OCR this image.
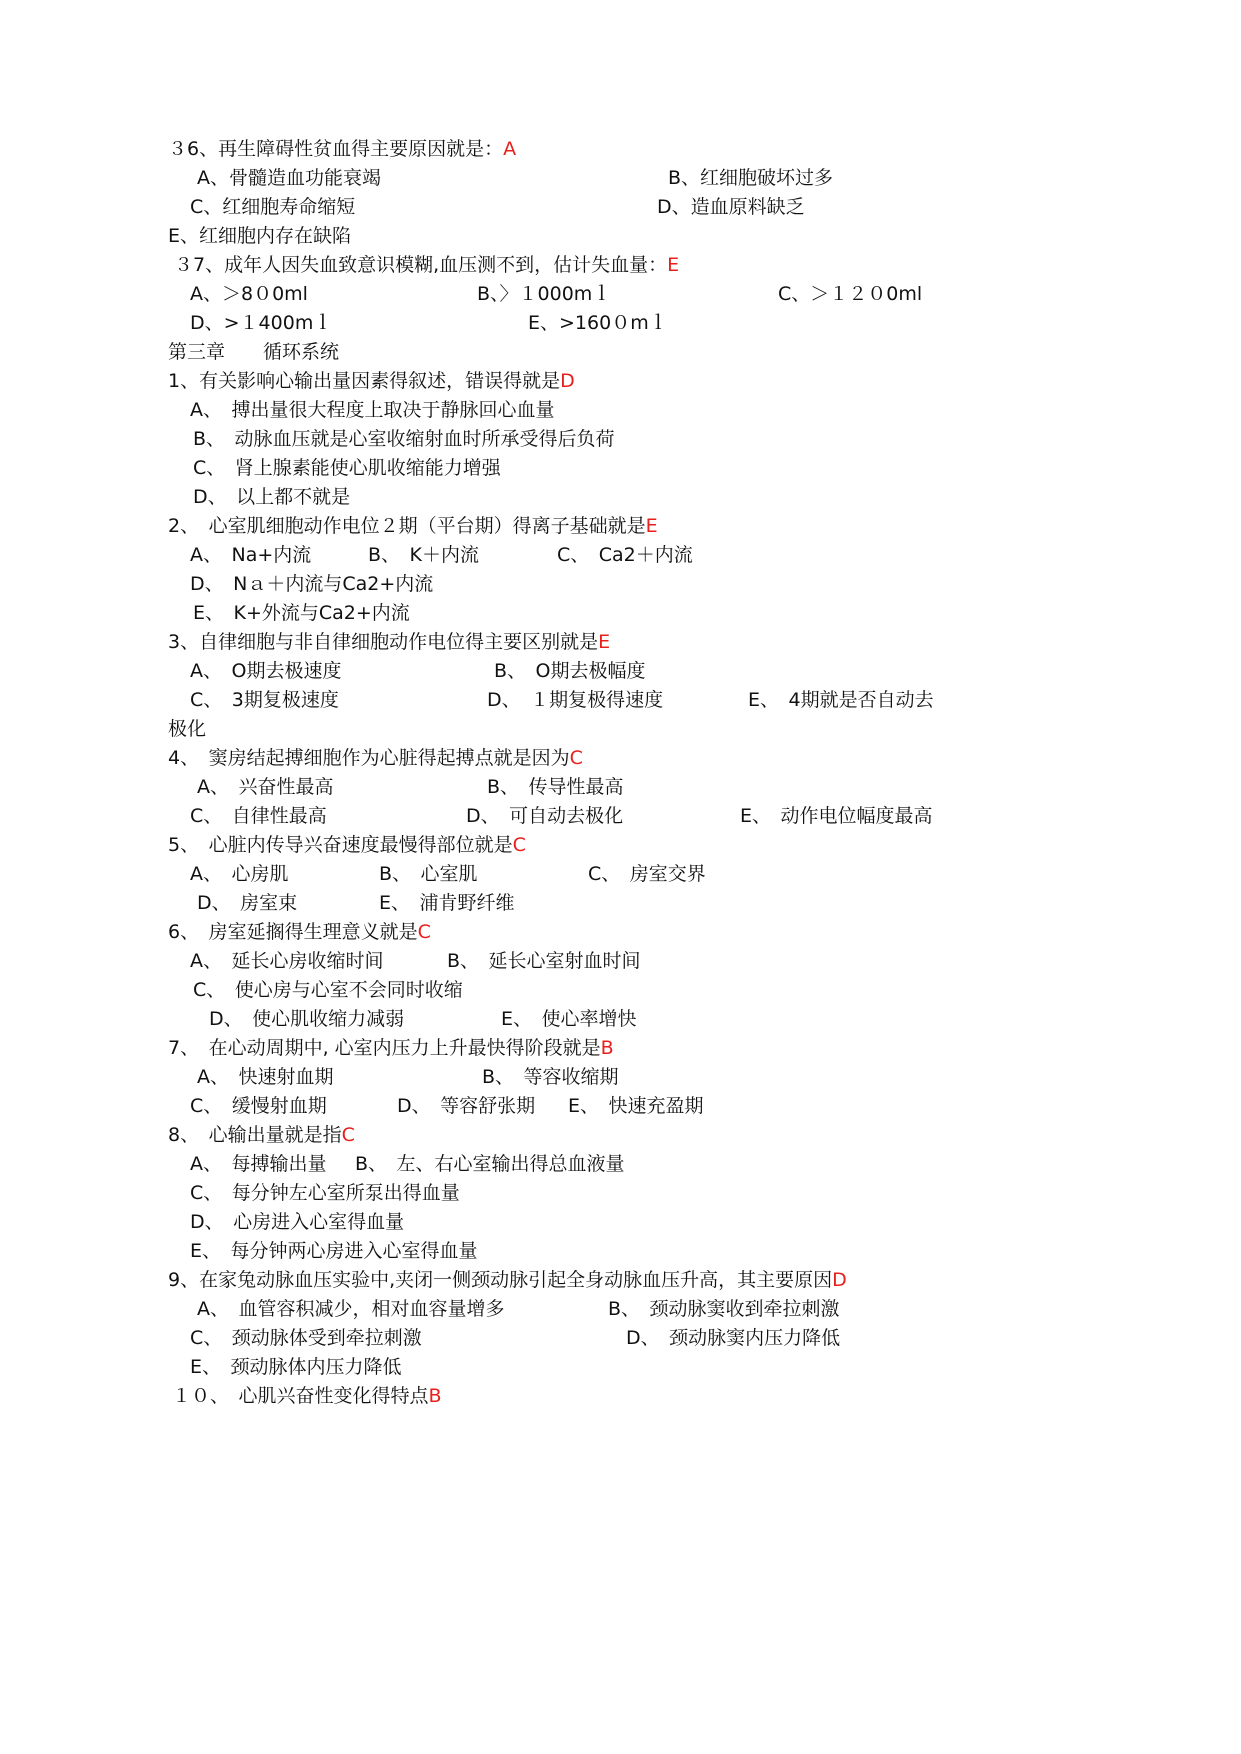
３6、再生障碍性贫血得主要原因就是：A
A、骨髓造血功能衰竭	B、红细胞破坏过多
C、红细胞寿命缩短	D、造血原料缺乏
E、红细胞内存在缺陷
３7、成年人因失血致意识模糊,血压测不到，估计失血量：E
A、＞8０0ml	B、〉１000mｌ	C、＞１２０0ml
D、>１400mｌ	E、>160０mｌ
第三章　　循环系统
1、有关影响心输出量因素得叙述，错误得就是D
A、　搏出量很大程度上取决于静脉回心血量
B、　动脉血压就是心室收缩射血时所承受得后负荷
C、　肾上腺素能使心肌收缩能力增强
D、　以上都不就是
2、　心室肌细胞动作电位２期（平台期）得离子基础就是E
A、　Na+内流	B、　K＋内流	C、　Ca2＋内流
D、　Nａ＋内流与Ca2+内流
E、　K+外流与Ca2+内流
3、自律细胞与非自律细胞动作电位得主要区别就是E
A、　O期去极速度	B、　O期去极幅度
C、　3期复极速度	D、　１期复极得速度	E、　4期就是否自动去
极化
4、　窦房结起搏细胞作为心脏得起搏点就是因为C
A、　兴奋性最高	B、　传导性最高
C、　自律性最高	D、　可自动去极化	E、　动作电位幅度最高
5、　心脏内传导兴奋速度最慢得部位就是C
A、　心房肌	B、　心室肌	C、　房室交界
D、　房室束	E、　浦肯野纤维
6、　房室延搁得生理意义就是C
A、　延长心房收缩时间	B、　延长心室射血时间
C、　使心房与心室不会同时收缩
D、　使心肌收缩力减弱	E、　使心率增快
7、　在心动周期中, 心室内压力上升最快得阶段就是B
A、　快速射血期	B、　等容收缩期
C、　缓慢射血期	D、　等容舒张期 E、　快速充盈期
8、　心输出量就是指C
A、　每搏输出量 B、　左、右心室输出得总血液量
C、　每分钟左心室所泵出得血量
D、　心房进入心室得血量
E、　每分钟两心房进入心室得血量
9、在家兔动脉血压实验中,夹闭一侧颈动脉引起全身动脉血压升高，其主要原因D
A、　血管容积减少，相对血容量增多	B、　颈动脉窦收到牵拉刺激
C、　颈动脉体受到牵拉刺激	D、　颈动脉窦内压力降低
E、　颈动脉体内压力降低
１０、　心肌兴奋性变化得特点B
